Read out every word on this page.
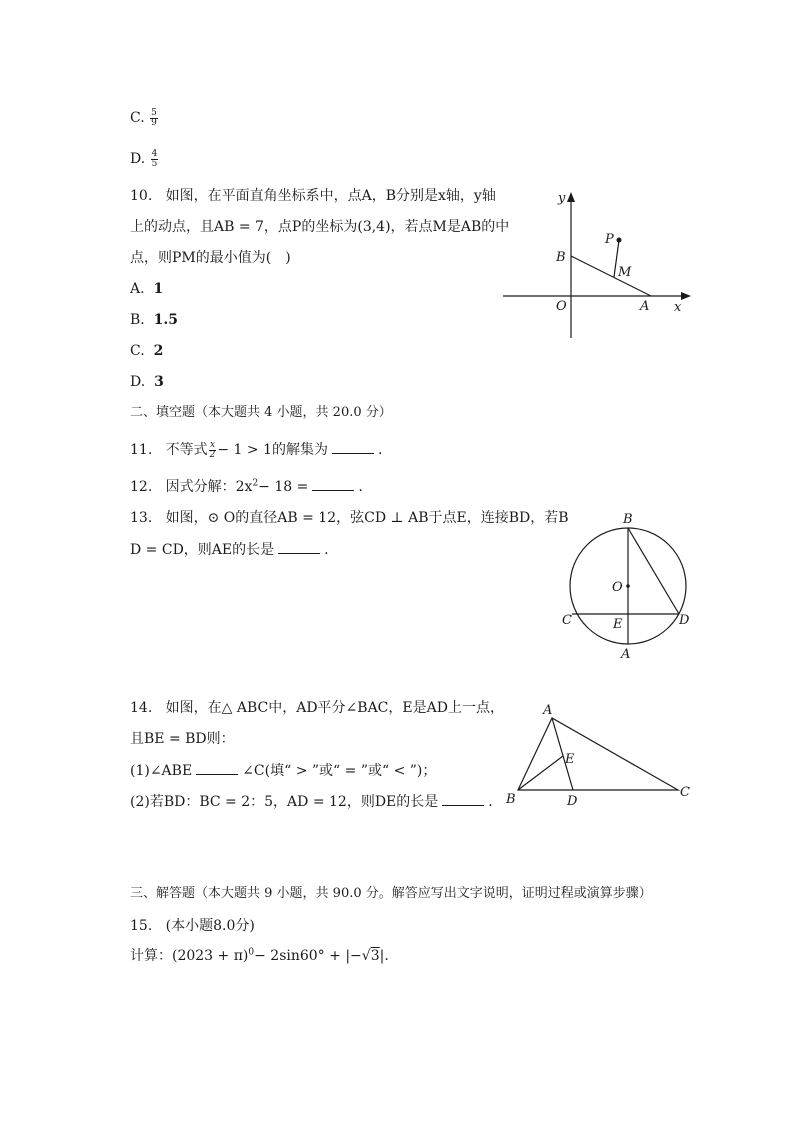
C. $\frac{5}{9}$
D. $\frac{4}{5}$
10. 如图，在平面直角坐标系中，点A，B分别是x轴，y轴
上的动点，且AB = 7，点P的坐标为(3,4)，若点M是AB的中
点，则PM的最小值为(　)
A. 1
B. 1.5
C. 2
D. 3
y
x
O
B
A
P
M
二、填空题（本大题共 4 小题，共 20.0 分）
11. 不等式 $\frac{x}{2} - 1 > 1$的解集为	.
12. 因式分解：$2x^2- 18$ =	.
13. 如图，⊙ O的直径AB = 12，弦CD ⊥ AB于点E，连接BD，若B
D = CD，则AE的长是	.
B
O
C	D
E
A
14. 如图，在△ ABC中，AD平分∠BAC，E是AD上一点，
且BE = BD则：
(1)∠ABE	∠C(填“ > ”或“ = ”或“ < ”)；
(2)若BD：BC = 2：5，AD = 12，则DE的长是	.
A
B	C
D
E
三、解答题（本大题共 9 小题，共 90.0 分。解答应写出文字说明，证明过程或演算步骤）
15. (本小题8.0分)
计算：$(2023 + \pi)^0- 2\sin 60^\circ + |-√3|$.
